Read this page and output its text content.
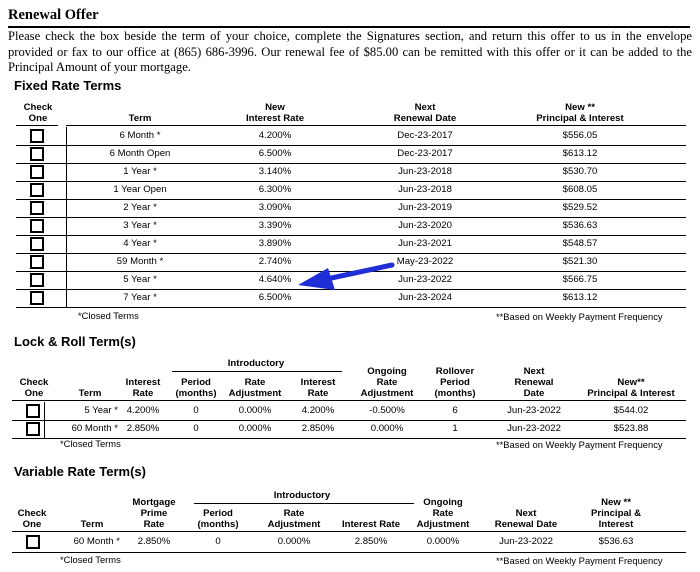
Renewal Offer
Please check the box beside the term of your choice, complete the Signatures section, and return this offer to us in the envelope provided or fax to our office at (865) 686-3996. Our renewal fee of $85.00 can be remitted with this offer or it can be added to the Principal Amount of your mortgage.
Fixed Rate Terms
Check
One	Term
New
Interest Rate
Next
Renewal Date
New **
Principal & Interest
6 Month *	4.200%	Dec-23-2017	$556.05
6 Month Open	6.500%	Dec-23-2017	$613.12
1 Year *	3.140%	Jun-23-2018	$530.70
1 Year Open	6.300%	Jun-23-2018	$608.05
2 Year *	3.090%	Jun-23-2019	$529.52
3 Year *	3.390%	Jun-23-2020	$536.63
4 Year *	3.890%	Jun-23-2021	$548.57
59 Month *	2.740%	May-23-2022	$521.30
5 Year *	4.640%	Jun-23-2022	$566.75
7 Year *	6.500%	Jun-23-2024	$613.12
*Closed Terms	**Based on Weekly Payment Frequency
Lock & Roll Term(s)
Introductory
Check
One	Term
Interest
Rate
Period
(months)
Rate
Adjustment
Interest
Rate
Ongoing
Rate
Adjustment
Rollover
Period
(months)
Next
Renewal
Date
New**
Principal & Interest
5 Year * 4.200%	0	0.000%	4.200%	-0.500%	6	Jun-23-2022	$544.02
60 Month * 2.850%	0	0.000%	2.850%	0.000%	1	Jun-23-2022	$523.88
*Closed Terms	**Based on Weekly Payment Frequency
Variable Rate Term(s)
Introductory
Check
One	Term
Mortgage
Prime
Rate
Period
(months)
Rate
Adjustment	Interest Rate
Ongoing
Rate
Adjustment
Next
Renewal Date
New **
Principal &
Interest
60 Month *	2.850%	0	0.000%	2.850%	0.000%	Jun-23-2022	$536.63
*Closed Terms	**Based on Weekly Payment Frequency
